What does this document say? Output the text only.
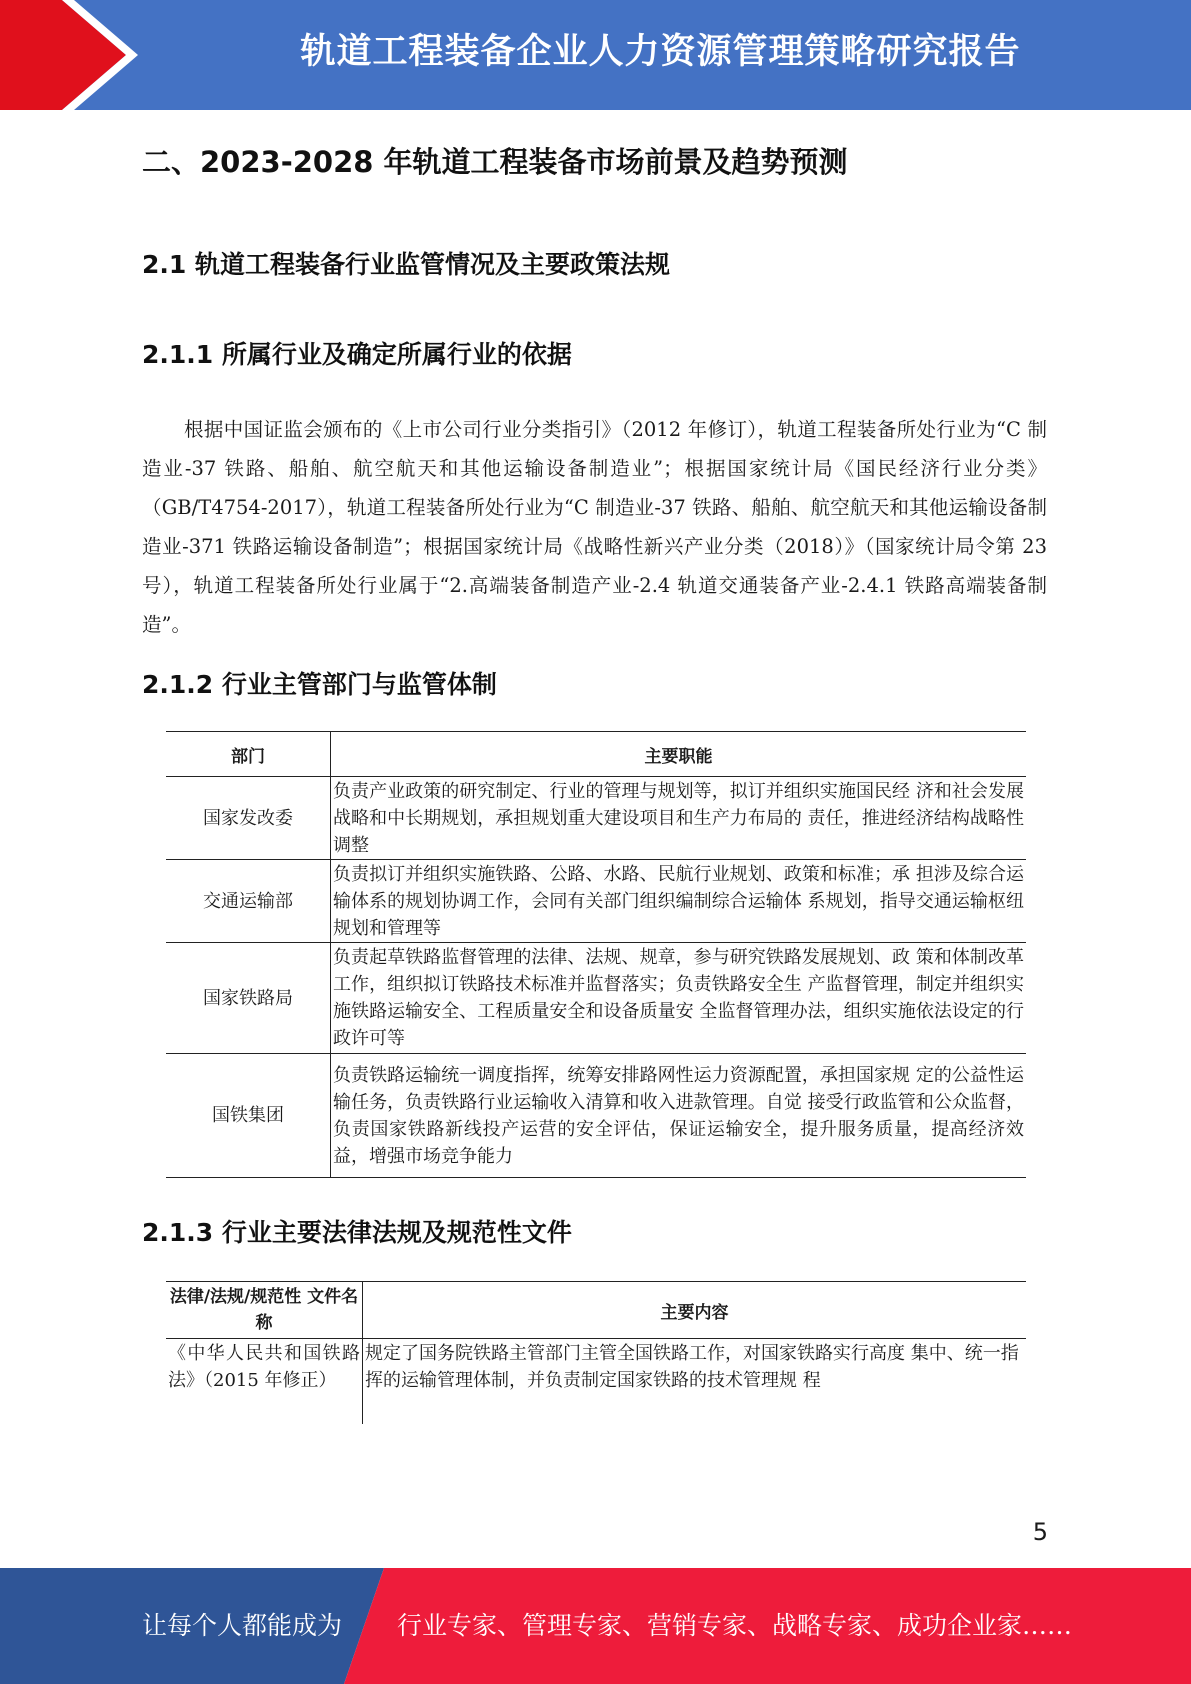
轨道工程装备企业人力资源管理策略研究报告
二、2023-2028 年轨道工程装备市场前景及趋势预测
2.1 轨道工程装备行业监管情况及主要政策法规
2.1.1 所属行业及确定所属行业的依据

根据中国证监会颁布的《上市公司行业分类指引》（2012 年修订），轨道工程装备所处行业为“C 制造业-37 铁路、船舶、航空航天和其他运输设备制造业”；根据国家统计局《国民经济行业分类》（GB/T4754-2017），轨道工程装备所处行业为“C 制造业-37 铁路、船舶、航空航天和其他运输设备制造业-371 铁路运输设备制造”；根据国家统计局《战略性新兴产业分类（2018）》（国家统计局令第 23 号），轨道工程装备所处行业属于“2.高端装备制造产业-2.4 轨道交通装备产业-2.4.1 铁路高端装备制造”。

2.1.2 行业主管部门与监管体制
部门	主要职能
国家发改委	负责产业政策的研究制定、行业的管理与规划等，拟订并组织实施国民经 济和社会发展战略和中长期规划，承担规划重大建设项目和生产力布局的 责任，推进经济结构战略性调整
交通运输部	负责拟订并组织实施铁路、公路、水路、民航行业规划、政策和标准；承 担涉及综合运输体系的规划协调工作，会同有关部门组织编制综合运输体 系规划，指导交通运输枢纽规划和管理等
国家铁路局	负责起草铁路监督管理的法律、法规、规章，参与研究铁路发展规划、政 策和体制改革工作，组织拟订铁路技术标准并监督落实；负责铁路安全生 产监督管理，制定并组织实施铁路运输安全、工程质量安全和设备质量安 全监督管理办法，组织实施依法设定的行政许可等
国铁集团	负责铁路运输统一调度指挥，统筹安排路网性运力资源配置，承担国家规 定的公益性运输任务，负责铁路行业运输收入清算和收入进款管理。自觉 接受行政监管和公众监督，负责国家铁路新线投产运营的安全评估，保证运输安全，提升服务质量，提高经济效益，增强市场竞争能力
2.1.3 行业主要法律法规及规范性文件
法律/法规/规范性 文件名称	主要内容
《中华人民共和国铁路法》（2015 年修正）	规定了国务院铁路主管部门主管全国铁路工作，对国家铁路实行高度 集中、统一指挥的运输管理体制，并负责制定国家铁路的技术管理规 程
5
让每个人都能成为 行业专家、管理专家、营销专家、战略专家、成功企业家……
